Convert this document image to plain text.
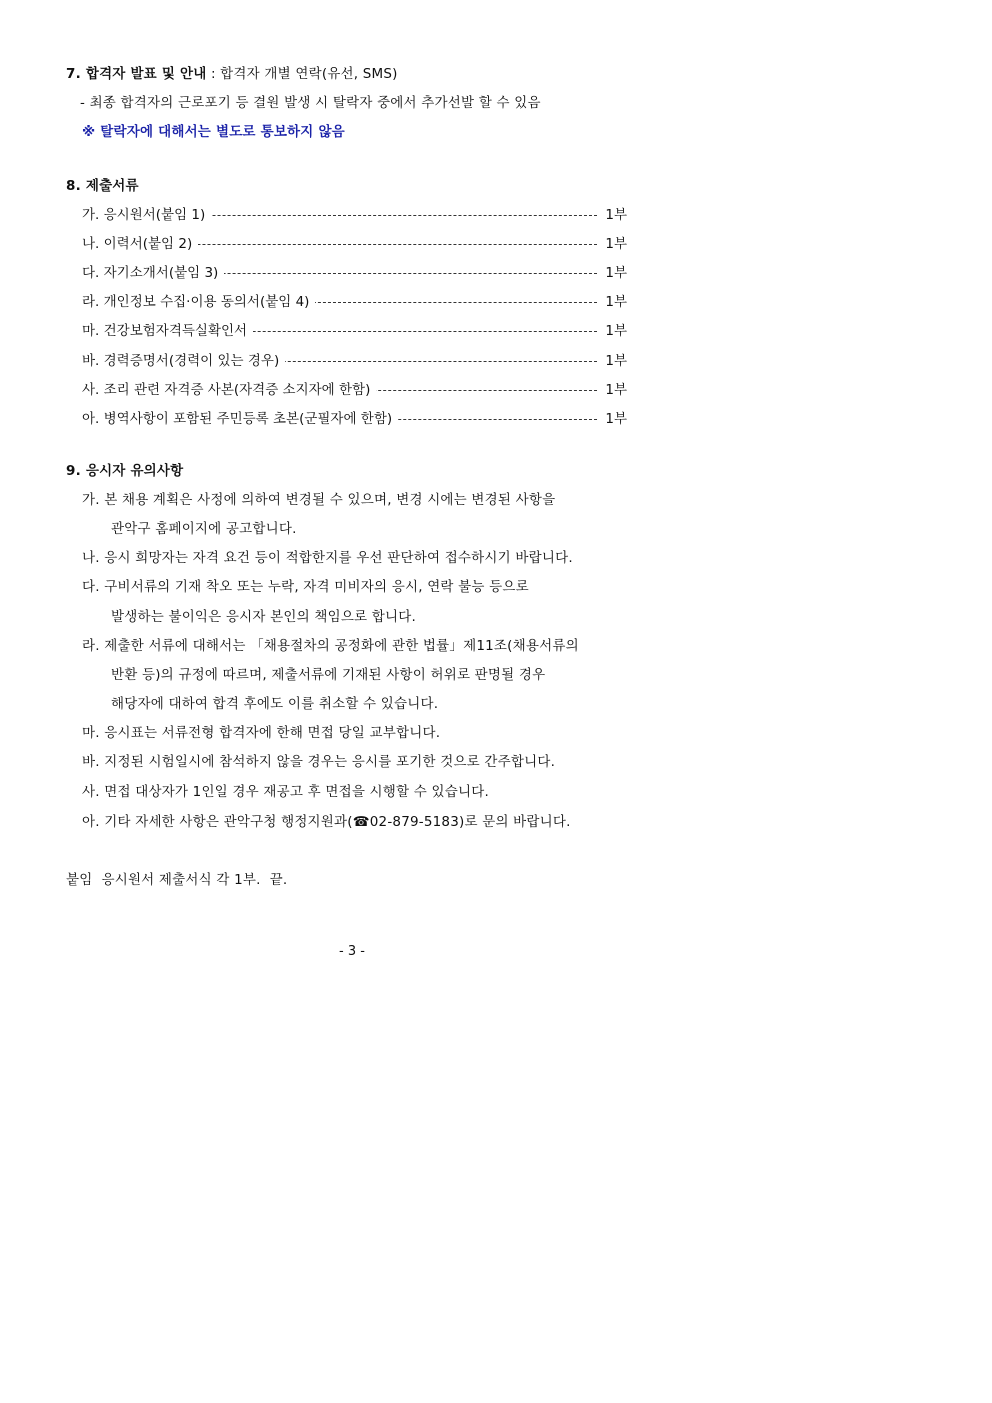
7. 합격자 발표 및 안내 : 합격자 개별 연락(유선, SMS)
- 최종 합격자의 근로포기 등 결원 발생 시 탈락자 중에서 추가선발 할 수 있음
※ 탈락자에 대해서는 별도로 통보하지 않음
8. 제출서류
가. 응시원서(붙임 1)	1부
나. 이력서(붙임 2)	1부
다. 자기소개서(붙임 3)	1부
라. 개인정보 수집·이용 동의서(붙임 4)	1부
마. 건강보험자격득실확인서	1부
바. 경력증명서(경력이 있는 경우)	1부
사. 조리 관련 자격증 사본(자격증 소지자에 한함)	1부
아. 병역사항이 포함된 주민등록 초본(군필자에 한함)	1부
9. 응시자 유의사항
가. 본 채용 계획은 사정에 의하여 변경될 수 있으며, 변경 시에는 변경된 사항을
관악구 홈페이지에 공고합니다.
나. 응시 희망자는 자격 요건 등이 적합한지를 우선 판단하여 접수하시기 바랍니다.
다. 구비서류의 기재 착오 또는 누락, 자격 미비자의 응시, 연락 불능 등으로
발생하는 불이익은 응시자 본인의 책임으로 합니다.
라. 제출한 서류에 대해서는 「채용절차의 공정화에 관한 법률」제11조(채용서류의
반환 등)의 규정에 따르며, 제출서류에 기재된 사항이 허위로 판명될 경우
해당자에 대하여 합격 후에도 이를 취소할 수 있습니다.
마. 응시표는 서류전형 합격자에 한해 면접 당일 교부합니다.
바. 지정된 시험일시에 참석하지 않을 경우는 응시를 포기한 것으로 간주합니다.
사. 면접 대상자가 1인일 경우 재공고 후 면접을 시행할 수 있습니다.
아. 기타 자세한 사항은 관악구청 행정지원과(☎02-879-5183)로 문의 바랍니다.
붙임  응시원서 제출서식 각 1부.  끝.
- 3 -
